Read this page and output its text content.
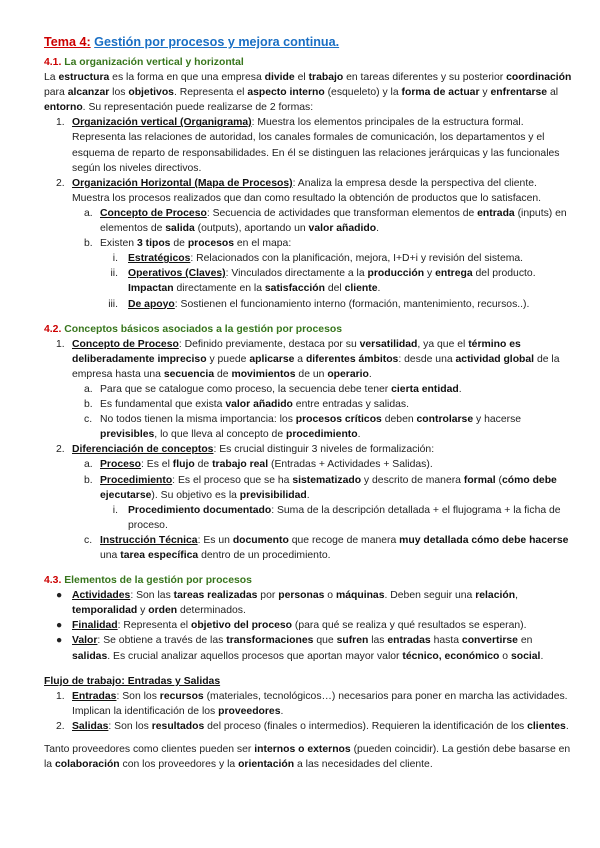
Tema 4: Gestión por procesos y mejora continua.
4.1. La organización vertical y horizontal

La estructura es la forma en que una empresa divide el trabajo en tareas diferentes y su posterior coordinación para alcanzar los objetivos. Representa el aspecto interno (esqueleto) y la forma de actuar y enfrentarse al entorno. Su representación puede realizarse de 2 formas:

1. Organización vertical (Organigrama): Muestra los elementos principales de la estructura formal. Representa las relaciones de autoridad, los canales formales de comunicación, los departamentos y el esquema de reparto de responsabilidades. En él se distinguen las relaciones jerárquicas y las funcionales según los niveles directivos.
2. Organización Horizontal (Mapa de Procesos): Analiza la empresa desde la perspectiva del cliente. Muestra los procesos realizados que dan como resultado la obtención de productos que lo satisfacen.
a. Concepto de Proceso: Secuencia de actividades que transforman elementos de entrada (inputs) en elementos de salida (outputs), aportando un valor añadido.
b. Existen 3 tipos de procesos en el mapa:
i. Estratégicos: Relacionados con la planificación, mejora, I+D+i y revisión del sistema.
ii. Operativos (Claves): Vinculados directamente a la producción y entrega del producto. Impactan directamente en la satisfacción del cliente.
iii. De apoyo: Sostienen el funcionamiento interno (formación, mantenimiento, recursos..).
4.2. Conceptos básicos asociados a la gestión por procesos
1. Concepto de Proceso: Definido previamente, destaca por su versatilidad, ya que el término es deliberadamente impreciso y puede aplicarse a diferentes ámbitos: desde una actividad global de la empresa hasta una secuencia de movimientos de un operario.
a. Para que se catalogue como proceso, la secuencia debe tener cierta entidad.
b. Es fundamental que exista valor añadido entre entradas y salidas.
c. No todos tienen la misma importancia: los procesos críticos deben controlarse y hacerse previsibles, lo que lleva al concepto de procedimiento.
2. Diferenciación de conceptos: Es crucial distinguir 3 niveles de formalización:
a. Proceso: Es el flujo de trabajo real (Entradas + Actividades + Salidas).
b. Procedimiento: Es el proceso que se ha sistematizado y descrito de manera formal (cómo debe ejecutarse). Su objetivo es la previsibilidad.
i. Procedimiento documentado: Suma de la descripción detallada + el flujograma + la ficha de proceso.
c. Instrucción Técnica: Es un documento que recoge de manera muy detallada cómo debe hacerse una tarea específica dentro de un procedimiento.
4.3. Elementos de la gestión por procesos
● Actividades: Son las tareas realizadas por personas o máquinas. Deben seguir una relación, temporalidad y orden determinados.
● Finalidad: Representa el objetivo del proceso (para qué se realiza y qué resultados se esperan).
● Valor: Se obtiene a través de las transformaciones que sufren las entradas hasta convertirse en salidas. Es crucial analizar aquellos procesos que aportan mayor valor técnico, económico o social.
Flujo de trabajo: Entradas y Salidas
1. Entradas: Son los recursos (materiales, tecnológicos…) necesarios para poner en marcha las actividades. Implican la identificación de los proveedores.
2. Salidas: Son los resultados del proceso (finales o intermedios). Requieren la identificación de los clientes.

Tanto proveedores como clientes pueden ser internos o externos (pueden coincidir). La gestión debe basarse en la colaboración con los proveedores y la orientación a las necesidades del cliente.
